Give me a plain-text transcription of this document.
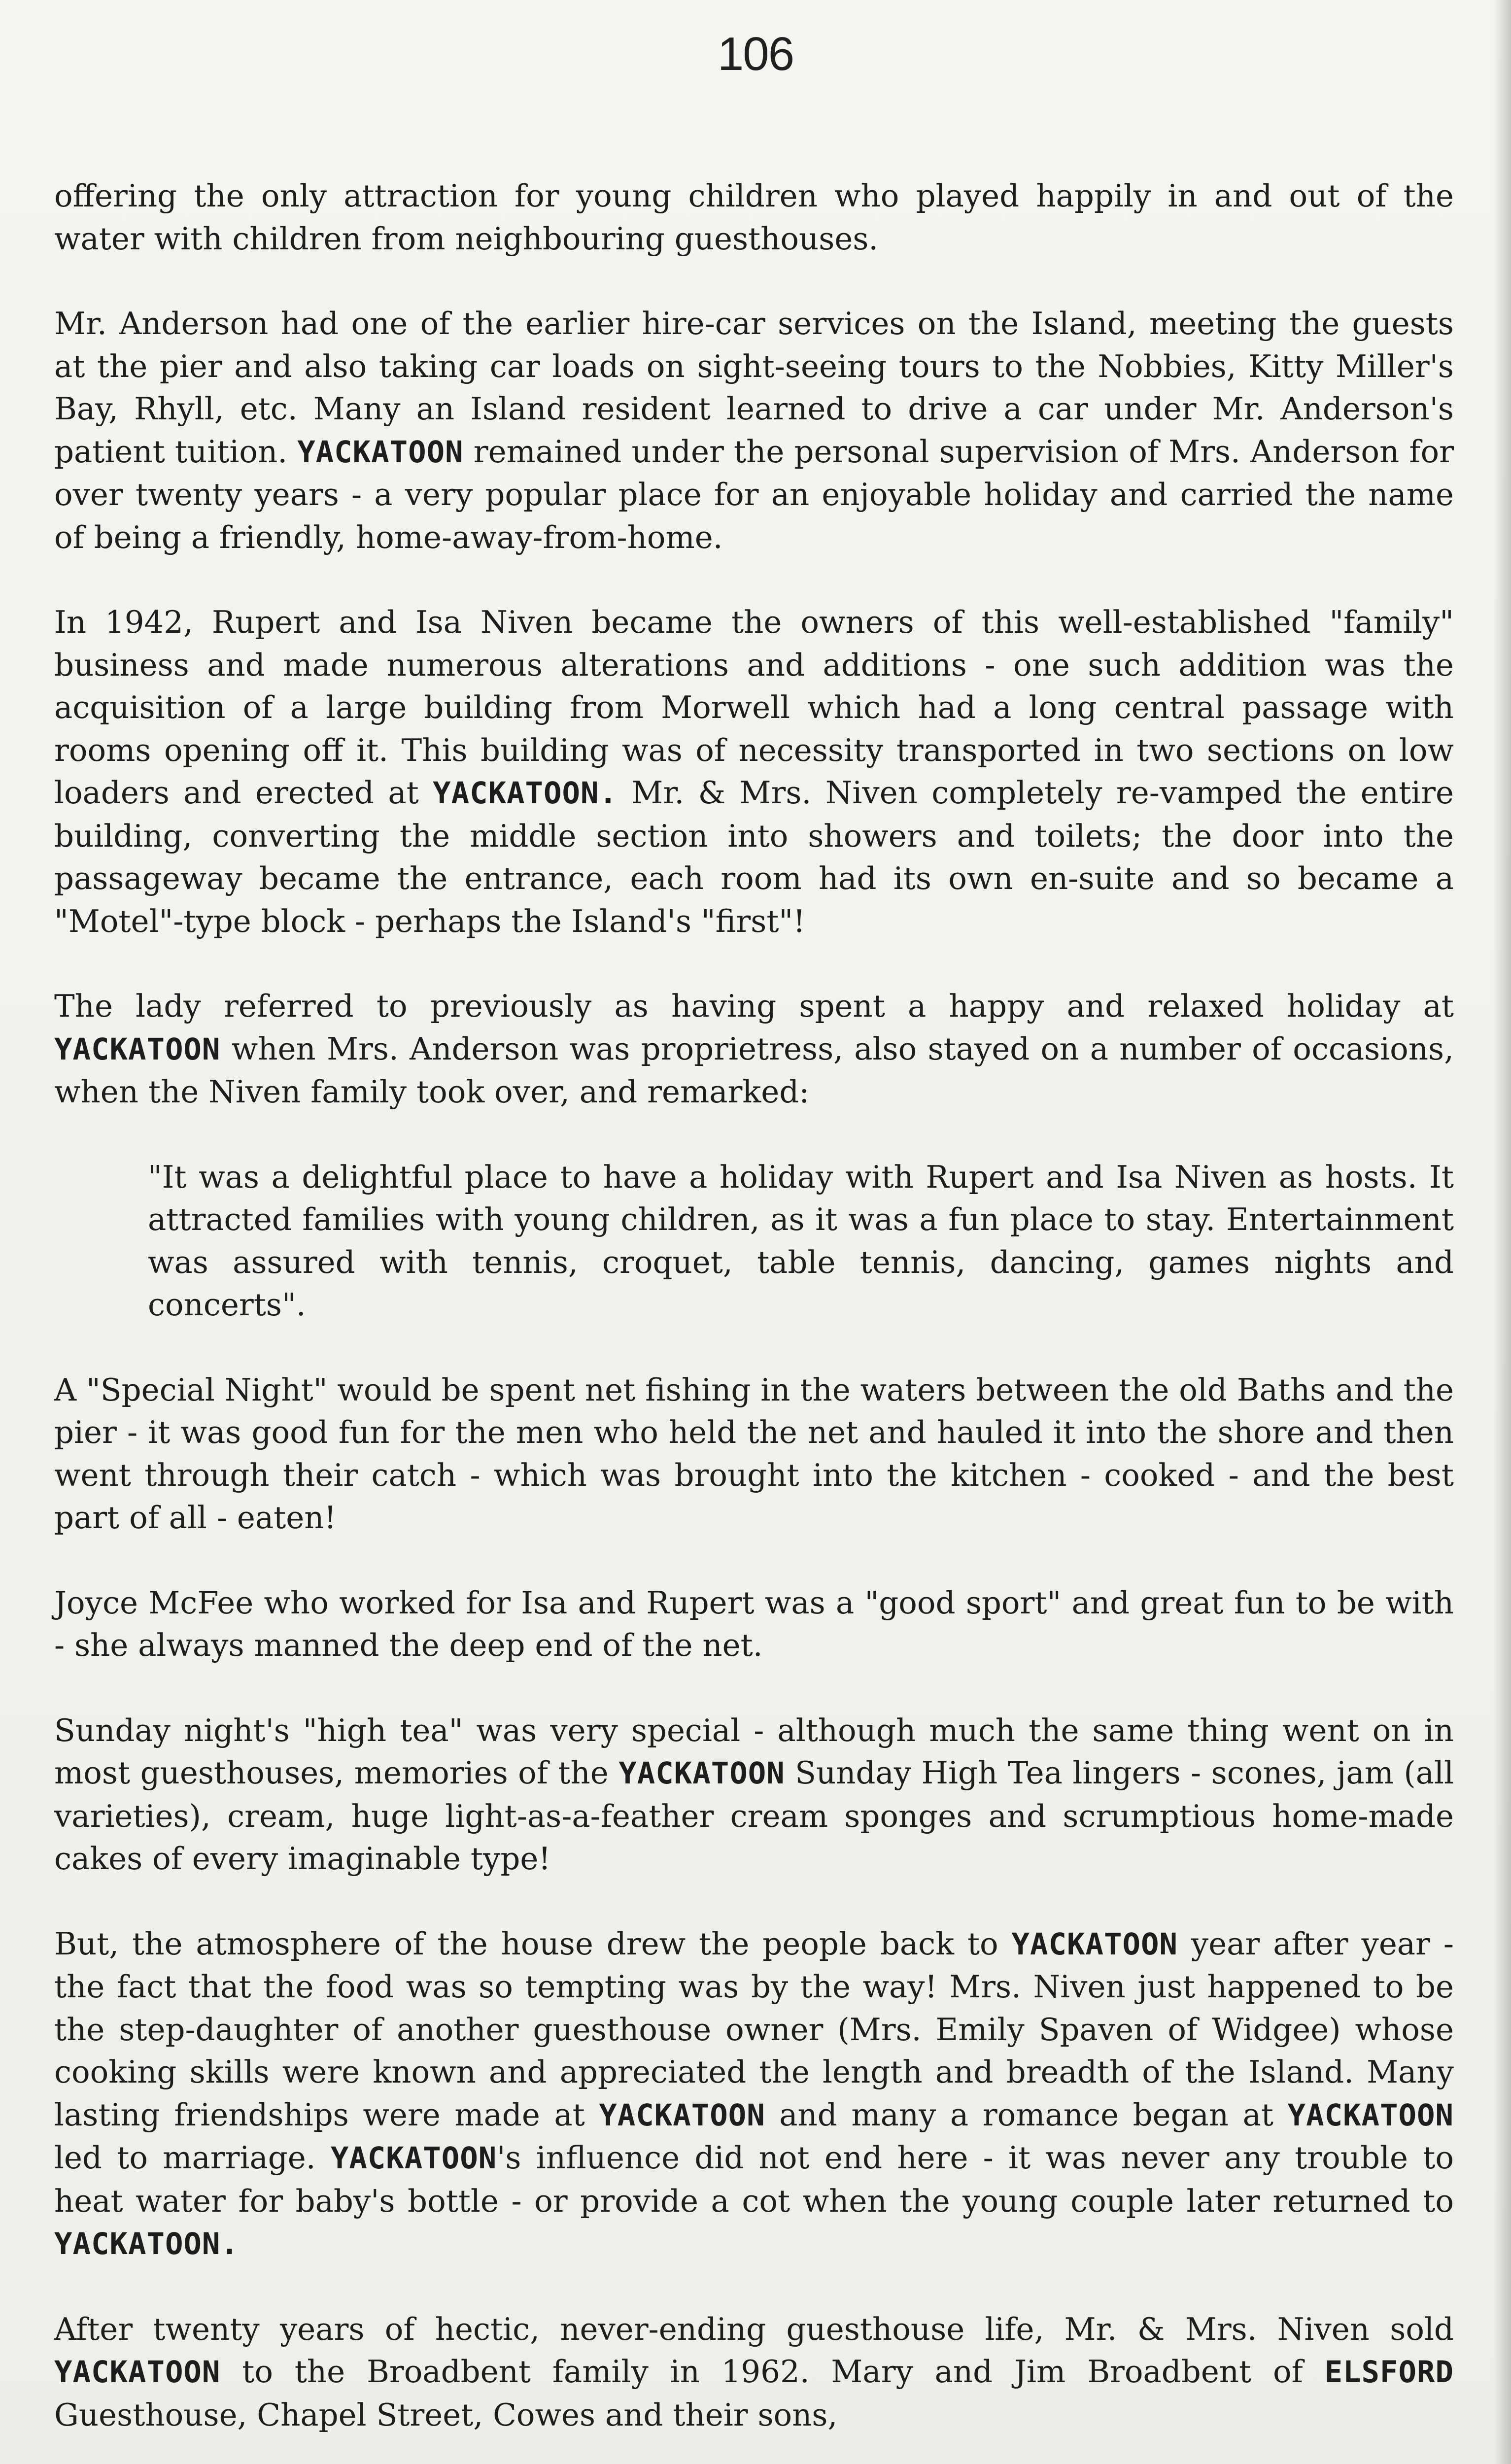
106

offering the only attraction for young children who played happily in and out of the water with children from neighbouring guesthouses.

Mr. Anderson had one of the earlier hire-car services on the Island, meeting the guests at the pier and also taking car loads on sight-seeing tours to the Nobbies, Kitty Miller's Bay, Rhyll, etc. Many an Island resident learned to drive a car under Mr. Anderson's patient tuition. YACKATOON remained under the personal supervision of Mrs. Anderson for over twenty years - a very popular place for an enjoyable holiday and carried the name of being a friendly, home-away-from-home.

In 1942, Rupert and Isa Niven became the owners of this well-established "family" business and made numerous alterations and additions - one such addition was the acquisition of a large building from Morwell which had a long central passage with rooms opening off it. This building was of necessity transported in two sections on low loaders and erected at YACKATOON. Mr. & Mrs. Niven completely re-vamped the entire building, converting the middle section into showers and toilets; the door into the passageway became the entrance, each room had its own en-suite and so became a "Motel"-type block - perhaps the Island's "first"!

The lady referred to previously as having spent a happy and relaxed holiday at YACKATOON when Mrs. Anderson was proprietress, also stayed on a number of occasions, when the Niven family took over, and remarked:

"It was a delightful place to have a holiday with Rupert and Isa Niven as hosts. It attracted families with young children, as it was a fun place to stay. Entertainment was assured with tennis, croquet, table tennis, dancing, games nights and concerts".

A "Special Night" would be spent net fishing in the waters between the old Baths and the pier - it was good fun for the men who held the net and hauled it into the shore and then went through their catch - which was brought into the kitchen - cooked - and the best part of all - eaten!

Joyce McFee who worked for Isa and Rupert was a "good sport" and great fun to be with - she always manned the deep end of the net.

Sunday night's "high tea" was very special - although much the same thing went on in most guesthouses, memories of the YACKATOON Sunday High Tea lingers - scones, jam (all varieties), cream, huge light-as-a-feather cream sponges and scrumptious home-made cakes of every imaginable type!

But, the atmosphere of the house drew the people back to YACKATOON year after year - the fact that the food was so tempting was by the way! Mrs. Niven just happened to be the step-daughter of another guesthouse owner (Mrs. Emily Spaven of Widgee) whose cooking skills were known and appreciated the length and breadth of the Island. Many lasting friendships were made at YACKATOON and many a romance began at YACKATOON led to marriage. YACKATOON's influence did not end here - it was never any trouble to heat water for baby's bottle - or provide a cot when the young couple later returned to YACKATOON.

After twenty years of hectic, never-ending guesthouse life, Mr. & Mrs. Niven sold YACKATOON to the Broadbent family in 1962. Mary and Jim Broadbent of ELSFORD Guesthouse, Chapel Street, Cowes and their sons,
